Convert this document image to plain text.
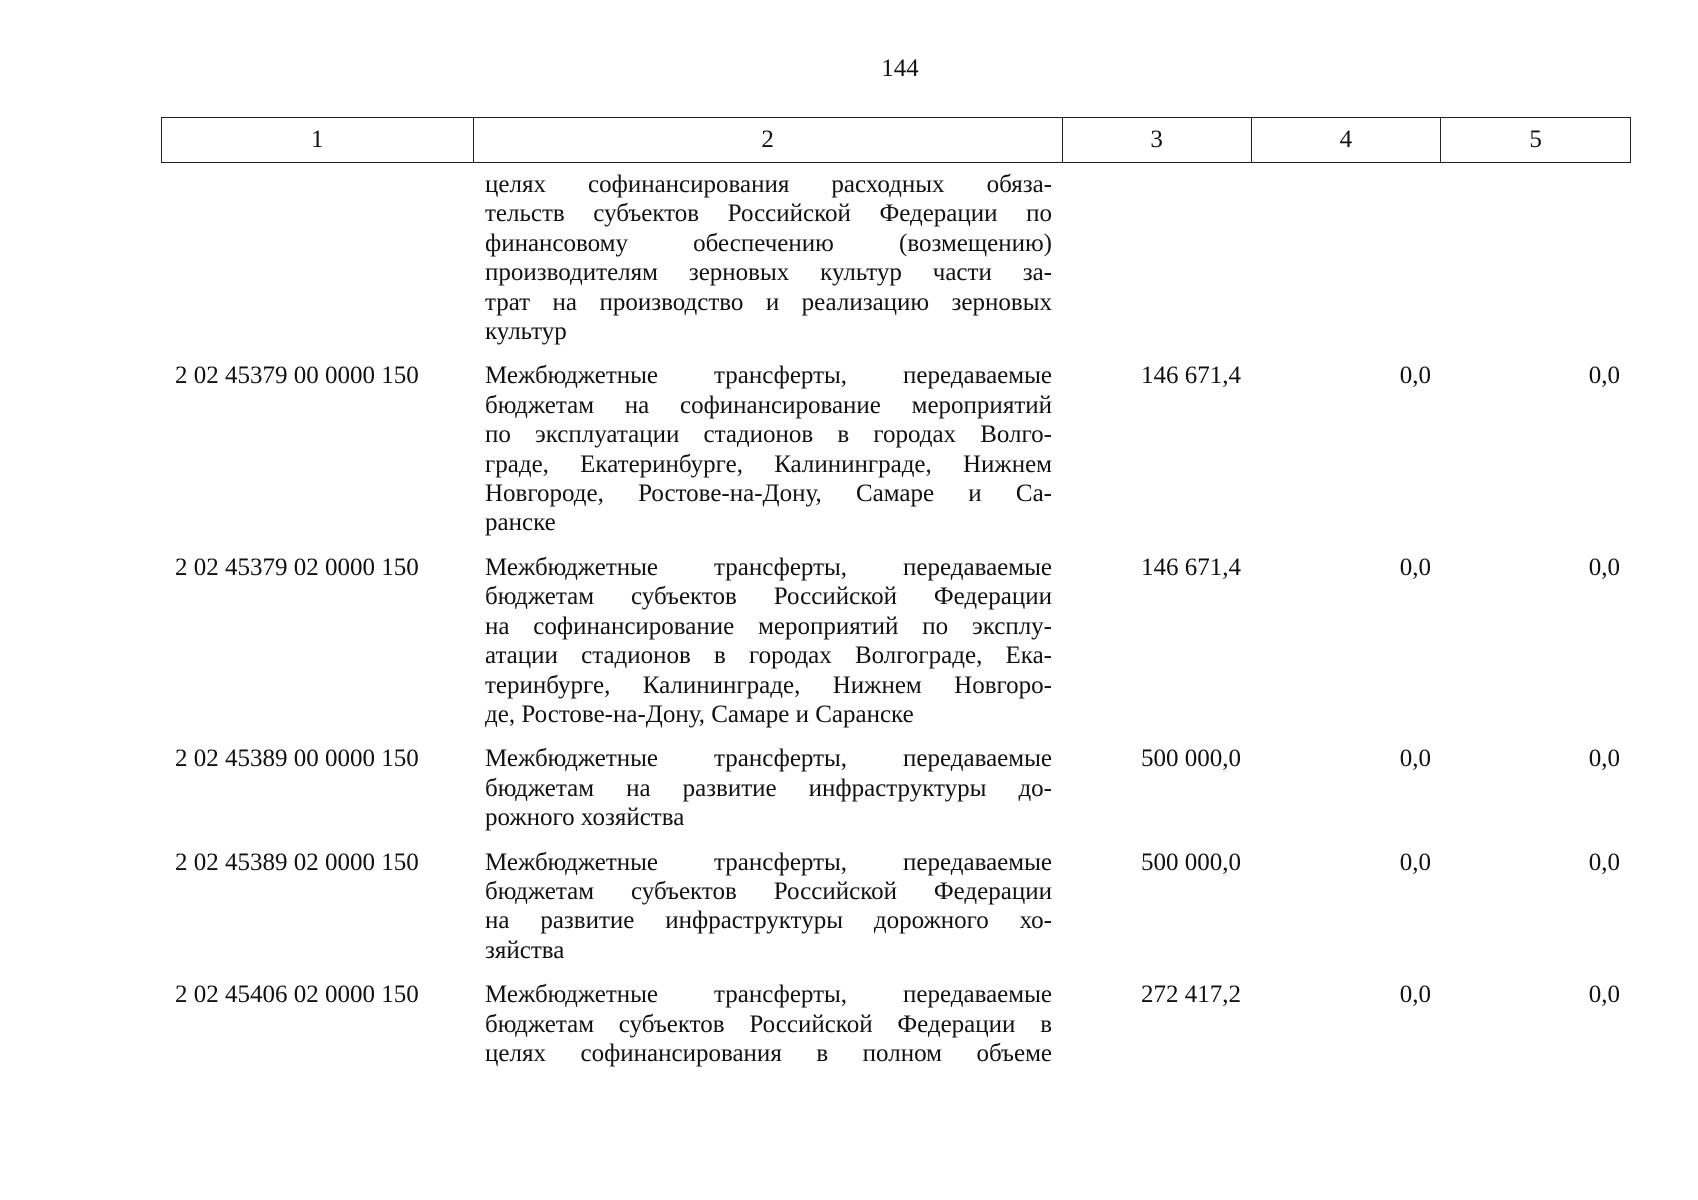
144
1	2	3	4	5
целях софинансирования расходных обяза-
тельств субъектов Российской Федерации по
финансовому обеспечению (возмещению)
производителям зерновых культур части за-
трат на производство и реализацию зерновых
культур
2 02 45379 00 0000 150	Межбюджетные трансферты, передаваемые
бюджетам на софинансирование мероприятий
по эксплуатации стадионов в городах Волго-
граде, Екатеринбурге, Калининграде, Нижнем
Новгороде, Ростове-на-Дону, Самаре и Са-
ранске
146 671,4	0,0	0,0
2 02 45379 02 0000 150	Межбюджетные трансферты, передаваемые
бюджетам субъектов Российской Федерации
на софинансирование мероприятий по эксплу-
атации стадионов в городах Волгограде, Ека-
теринбурге, Калининграде, Нижнем Новгоро-
де, Ростове-на-Дону, Самаре и Саранске
146 671,4	0,0	0,0
2 02 45389 00 0000 150	Межбюджетные трансферты, передаваемые
бюджетам на развитие инфраструктуры до-
рожного хозяйства
500 000,0	0,0	0,0
2 02 45389 02 0000 150	Межбюджетные трансферты, передаваемые
бюджетам субъектов Российской Федерации
на развитие инфраструктуры дорожного хо-
зяйства
500 000,0	0,0	0,0
2 02 45406 02 0000 150	Межбюджетные трансферты, передаваемые
бюджетам субъектов Российской Федерации в
целях софинансирования в полном объеме
272 417,2	0,0	0,0
